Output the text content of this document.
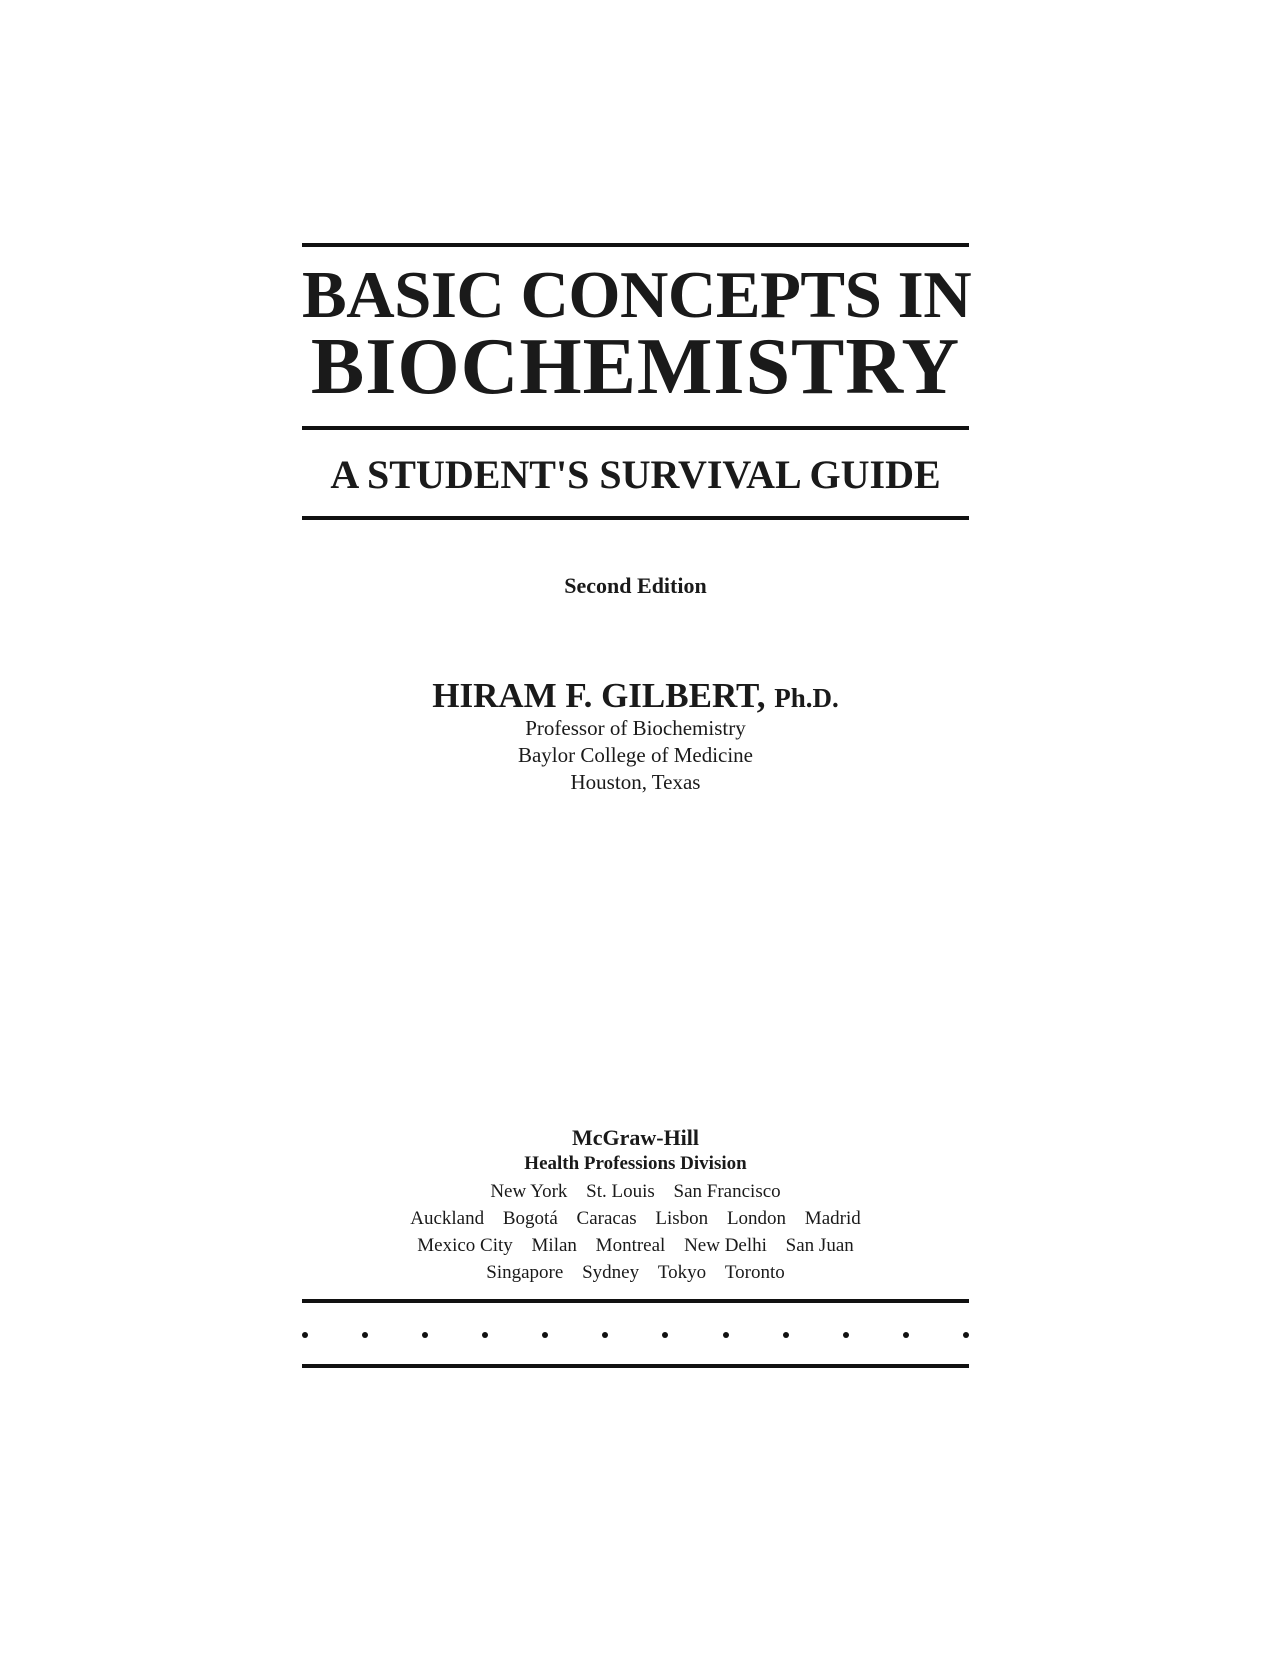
BASIC CONCEPTS IN
BIOCHEMISTRY
A STUDENT'S SURVIVAL GUIDE
Second Edition
HIRAM F. GILBERT, Ph.D.
Professor of Biochemistry
Baylor College of Medicine
Houston, Texas
McGraw-Hill
Health Professions Division
New York St. Louis San Francisco
Auckland Bogotá Caracas Lisbon London Madrid
Mexico City Milan Montreal New Delhi San Juan
Singapore Sydney Tokyo Toronto
